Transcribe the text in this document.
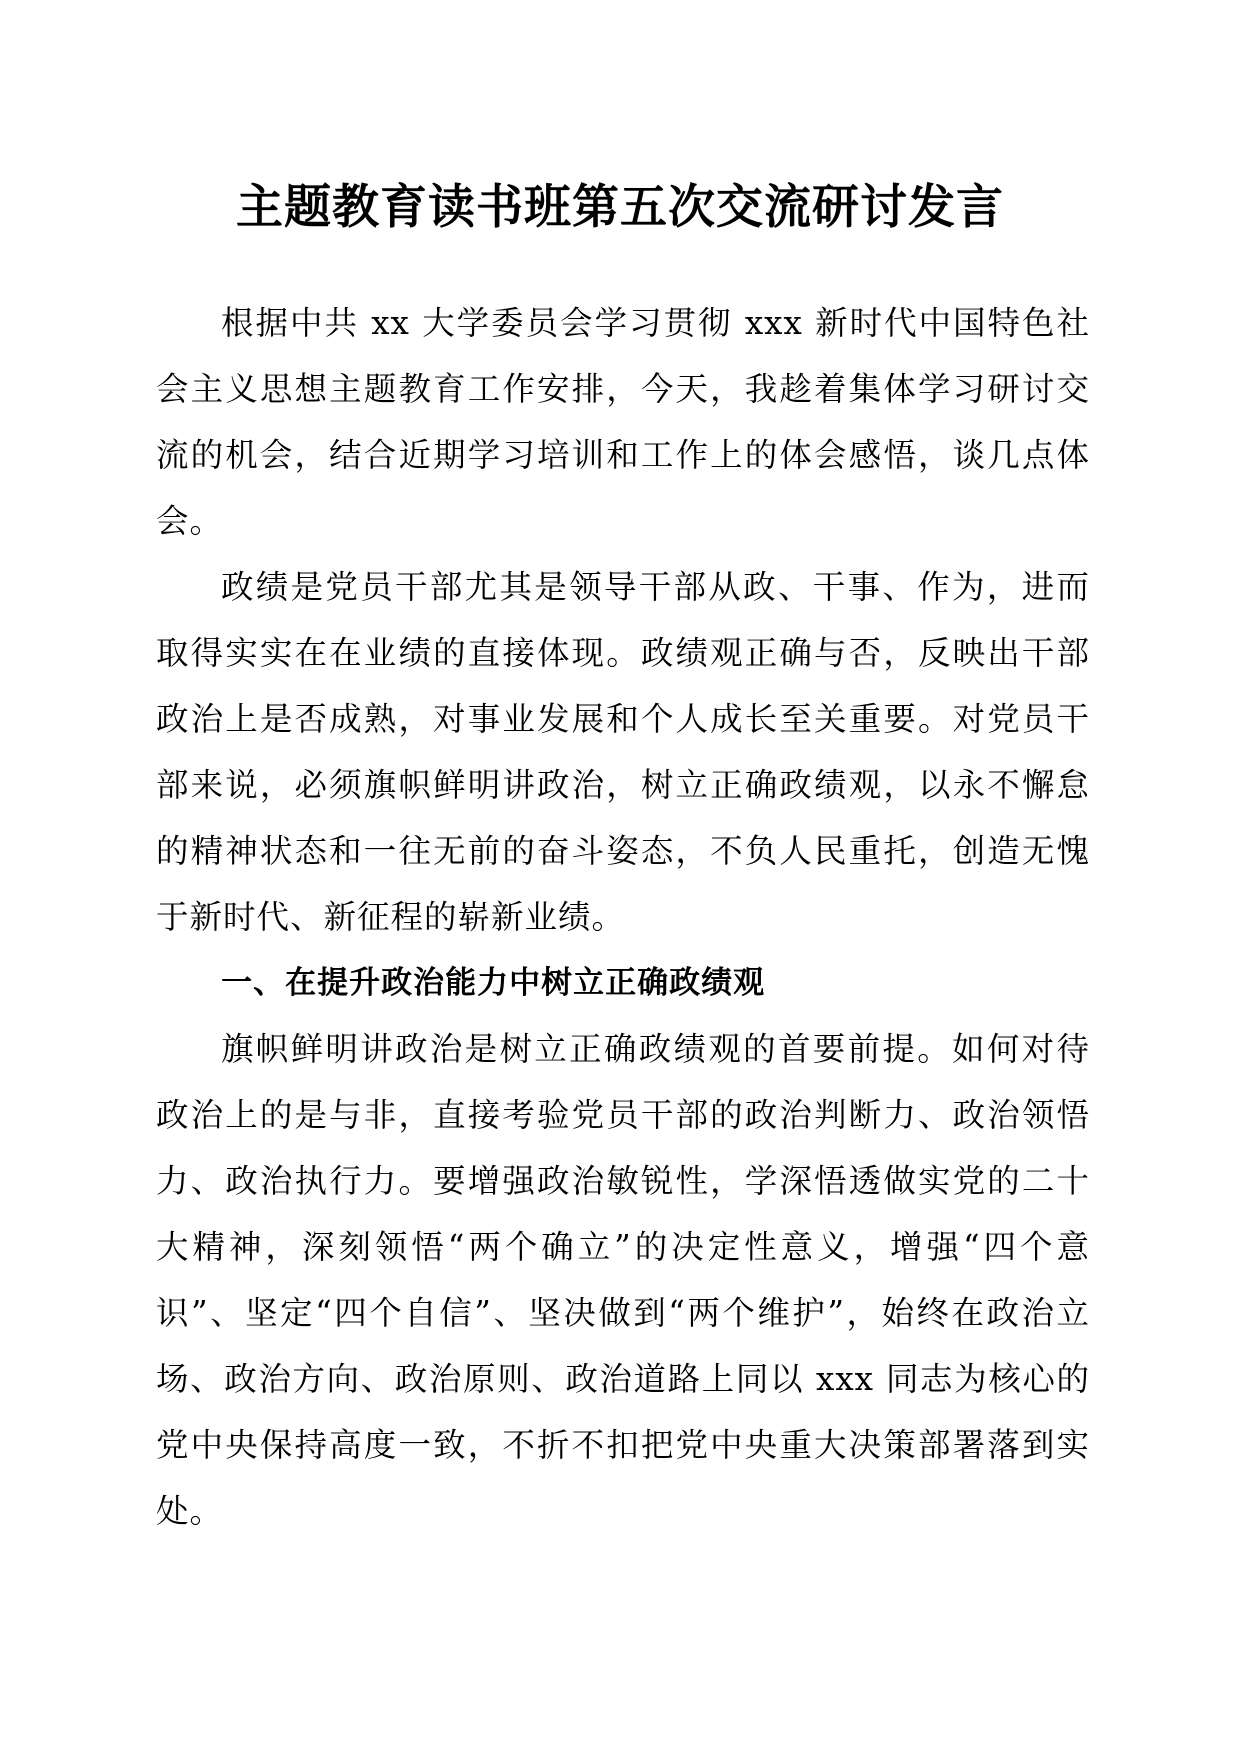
主题教育读书班第五次交流研讨发言

根据中共 xx 大学委员会学习贯彻 xxx 新时代中国特色社会主义思想主题教育工作安排，今天，我趁着集体学习研讨交流的机会，结合近期学习培训和工作上的体会感悟，谈几点体会。

政绩是党员干部尤其是领导干部从政、干事、作为，进而取得实实在在业绩的直接体现。政绩观正确与否，反映出干部政治上是否成熟，对事业发展和个人成长至关重要。对党员干部来说，必须旗帜鲜明讲政治，树立正确政绩观，以永不懈怠的精神状态和一往无前的奋斗姿态，不负人民重托，创造无愧于新时代、新征程的崭新业绩。

一、在提升政治能力中树立正确政绩观

旗帜鲜明讲政治是树立正确政绩观的首要前提。如何对待政治上的是与非，直接考验党员干部的政治判断力、政治领悟力、政治执行力。要增强政治敏锐性，学深悟透做实党的二十大精神，深刻领悟“两个确立”的决定性意义，增强“四个意识”、坚定“四个自信”、坚决做到“两个维护”，始终在政治立场、政治方向、政治原则、政治道路上同以 xxx 同志为核心的党中央保持高度一致，不折不扣把党中央重大决策部署落到实处。
